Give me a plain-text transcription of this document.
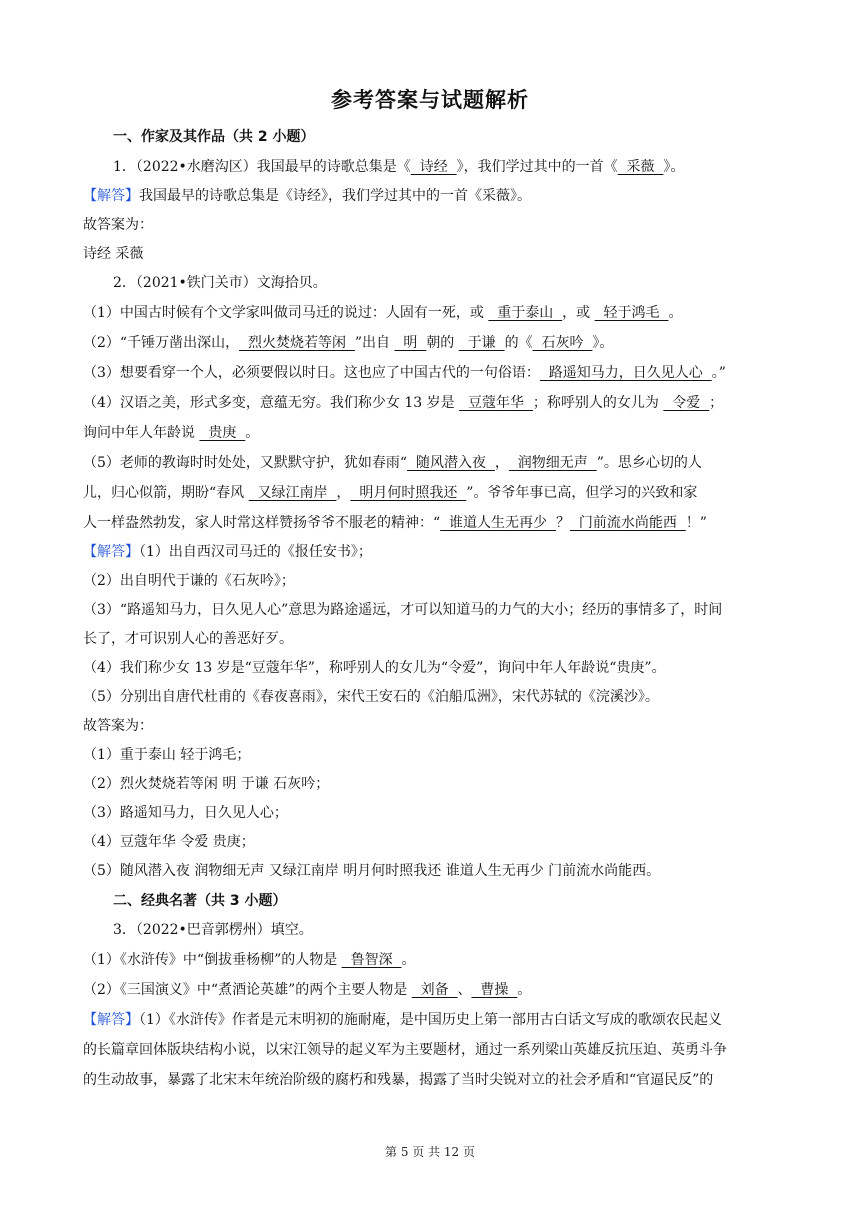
参考答案与试题解析
一、作家及其作品（共 2 小题）
1．（2022•水磨沟区）我国最早的诗歌总集是《  诗经  》，我们学过其中的一首《  采薇  》。
【解答】我国最早的诗歌总集是《诗经》，我们学过其中的一首《采薇》。
故答案为：
诗经 采薇
2．（2021•铁门关市）文海拾贝。
（1）中国古时候有个文学家叫做司马迁的说过：人固有一死，或   重于泰山  ，或   轻于鸿毛  。
（2）“千锤万凿出深山，  烈火焚烧若等闲  ”出自   明  朝的   于谦  的《  石灰吟  》。
（3）想要看穿一个人，必须要假以时日。这也应了中国古代的一句俗语：  路遥知马力，日久见人心  。”
（4）汉语之美，形式多变，意蕴无穷。我们称少女 13 岁是   豆蔻年华  ；称呼别人的女儿为   令爱  ；
询问中年人年龄说   贵庚  。
（5）老师的教诲时时处处，又默默守护，犹如春雨“  随风潜入夜  ，  润物细无声  ”。思乡心切的人
儿，归心似箭，期盼“春风   又绿江南岸  ，  明月何时照我还  ”。爷爷年事已高，但学习的兴致和家
人一样盎然勃发，家人时常这样赞扬爷爷不服老的精神：“  谁道人生无再少  ？  门前流水尚能西  ！”
【解答】（1）出自西汉司马迁的《报任安书》；
（2）出自明代于谦的《石灰吟》；
（3）“路遥知马力，日久见人心”意思为路途遥远，才可以知道马的力气的大小；经历的事情多了，时间
长了，才可识别人心的善恶好歹。
（4）我们称少女 13 岁是“豆蔻年华”，称呼别人的女儿为“令爱”，询问中年人年龄说“贵庚”。
（5）分别出自唐代杜甫的《春夜喜雨》，宋代王安石的《泊船瓜洲》，宋代苏轼的《浣溪沙》。
故答案为：
（1）重于泰山 轻于鸿毛；
（2）烈火焚烧若等闲 明 于谦 石灰吟；
（3）路遥知马力，日久见人心；
（4）豆蔻年华 令爱 贵庚；
（5）随风潜入夜 润物细无声 又绿江南岸 明月何时照我还 谁道人生无再少 门前流水尚能西。
二、经典名著（共 3 小题）
3．（2022•巴音郭楞州）填空。
（1）《水浒传》中“倒拔垂杨柳”的人物是   鲁智深  。
（2）《三国演义》中“煮酒论英雄”的两个主要人物是   刘备  、  曹操  。
【解答】（1）《水浒传》作者是元末明初的施耐庵，是中国历史上第一部用古白话文写成的歌颂农民起义
的长篇章回体版块结构小说，以宋江领导的起义军为主要题材，通过一系列梁山英雄反抗压迫、英勇斗争
的生动故事，暴露了北宋末年统治阶级的腐朽和残暴，揭露了当时尖锐对立的社会矛盾和“官逼民反”的
第 5 页 共 12 页
